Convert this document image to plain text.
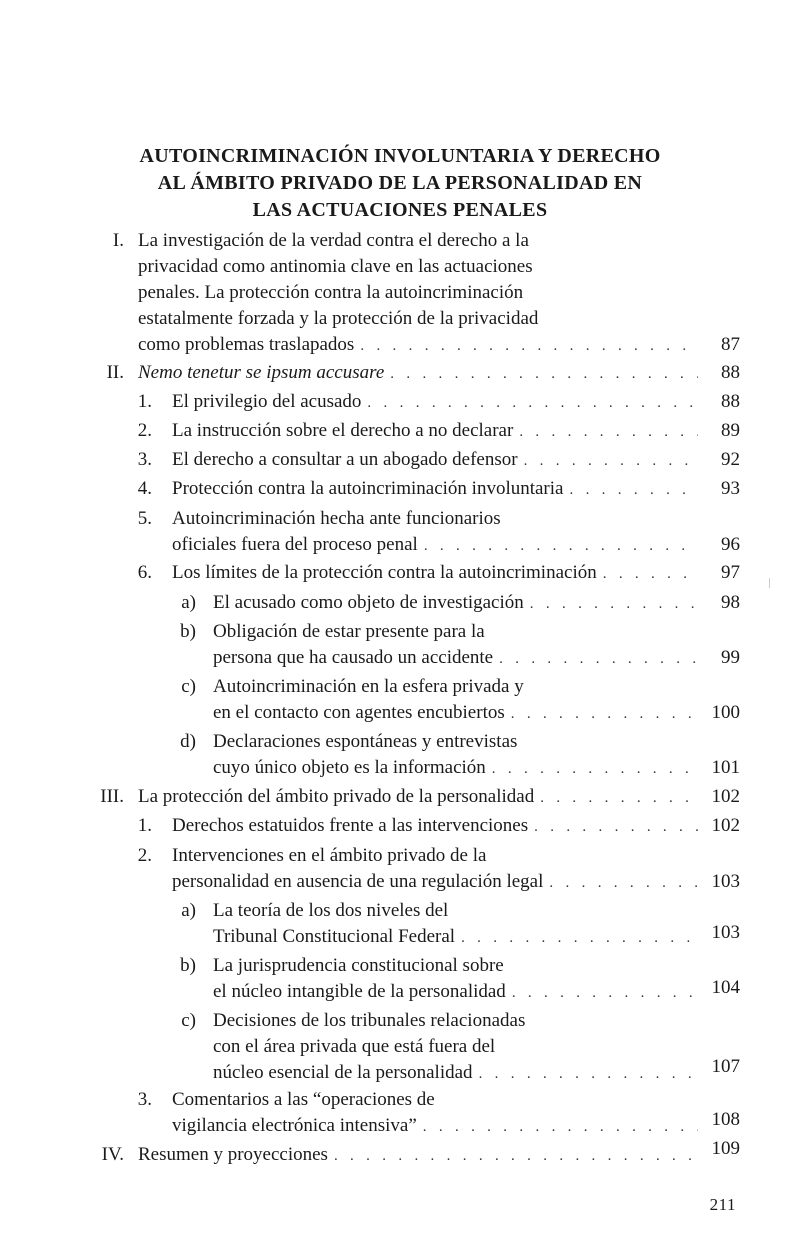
AUTOINCRIMINACIÓN INVOLUNTARIA Y DERECHO
AL ÁMBITO PRIVADO DE LA PERSONALIDAD EN
LAS ACTUACIONES PENALES
I. La investigación de la verdad contra el derecho a la
privacidad como antinomia clave en las actuaciones
penales. La protección contra la autoincriminación
estatalmente forzada y la protección de la privacidad
como problemas traslapados . . .	87
II. Nemo tenetur se ipsum accusare . . .	88
1. El privilegio del acusado . . .	88
2. La instrucción sobre el derecho a no declarar . . .	89
3. El derecho a consultar a un abogado defensor . . .	92
4. Protección contra la autoincriminación involuntaria . . .	93
5. Autoincriminación hecha ante funcionarios
oficiales fuera del proceso penal . . .	96
6. Los límites de la protección contra la autoincriminación . . .	97
a) El acusado como objeto de investigación . . .	98
b) Obligación de estar presente para la
persona que ha causado un accidente . . .	99
c) Autoincriminación en la esfera privada y
en el contacto con agentes encubiertos . . .	100
d) Declaraciones espontáneas y entrevistas
cuyo único objeto es la información . . .	101
III. La protección del ámbito privado de la personalidad . . .	102
1. Derechos estatuidos frente a las intervenciones . . .	102
2. Intervenciones en el ámbito privado de la
personalidad en ausencia de una regulación legal . . .	103
a) La teoría de los dos niveles del
Tribunal Constitucional Federal . . .	103
b) La jurisprudencia constitucional sobre
el núcleo intangible de la personalidad . . .	104
c) Decisiones de los tribunales relacionadas
con el área privada que está fuera del
núcleo esencial de la personalidad . . .	107
3. Comentarios a las “operaciones de
vigilancia electrónica intensiva” . . .	108
IV. Resumen y proyecciones . . .	109
211
